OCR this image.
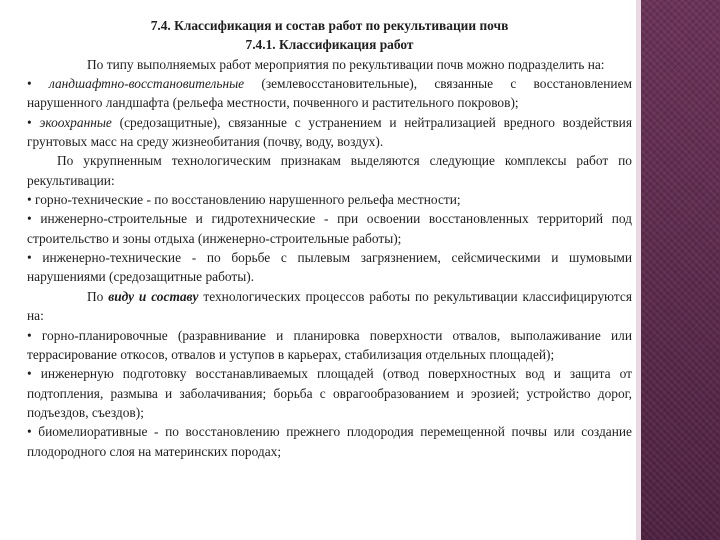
7.4. Классификация и состав работ по рекультивации почв

7.4.1. Классификация работ

По типу выполняемых работ мероприятия по рекультивации почв можно подразделить на:

• ландшафтно-восстановительные (землевосстановительные), связанные с восстановлением нарушенного ландшафта (рельефа местности, почвенного и растительного покровов);

• экоохранные (средозащитные), связанные с устранением и нейтрализацией вредного воздействия грунтовых масс на среду жизнеобитания (почву, воду, воздух).

По укрупненным технологическим признакам выделяются следующие комплексы работ по рекультивации:

• горно-технические - по восстановлению нарушенного рельефа местности;

• инженерно-строительные и гидротехнические - при освоении восстановленных территорий под строительство и зоны отдыха (инженерно-строительные работы);

• инженерно-технические - по борьбе с пылевым загрязнением, сейсмическими и шумовыми нарушениями (средозащитные работы).

По виду и составу технологических процессов работы по рекультивации классифицируются на:

• горно-планировочные (разравнивание и планировка поверхности отвалов, выполаживание или террасирование откосов, отвалов и уступов в карьерах, стабилизация отдельных площадей);

• инженерную подготовку восстанавливаемых площадей (отвод поверхностных вод и защита от подтопления, размыва и заболачивания; борьба с оврагообразованием и эрозией; устройство дорог, подъездов, съездов);

• биомелиоративные - по восстановлению прежнего плодородия перемещенной почвы или создание плодородного слоя на материнских породах;
